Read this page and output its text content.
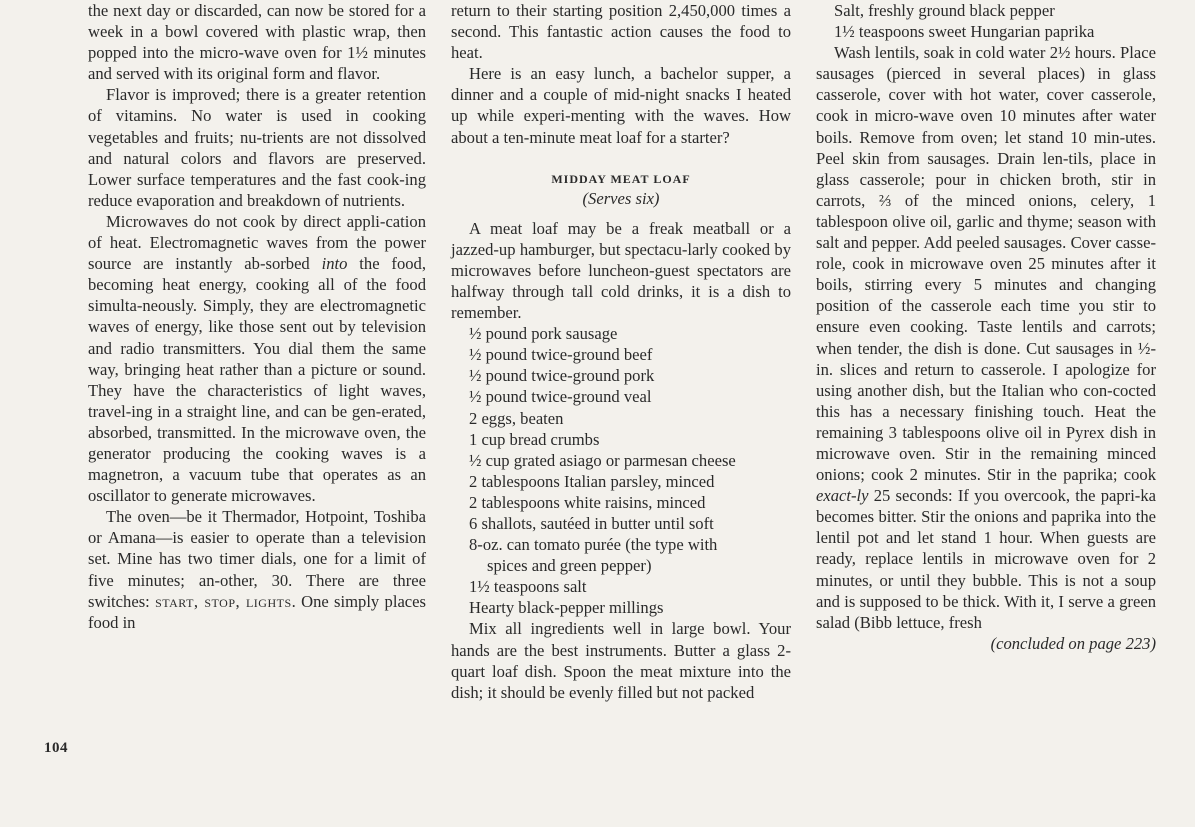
the next day or discarded, can now be stored for a week in a bowl covered with plastic wrap, then popped into the micro-wave oven for 1½ minutes and served with its original form and flavor.

Flavor is improved; there is a greater retention of vitamins. No water is used in cooking vegetables and fruits; nu-trients are not dissolved and natural colors and flavors are preserved. Lower surface temperatures and the fast cook-ing reduce evaporation and breakdown of nutrients.

Microwaves do not cook by direct appli-cation of heat. Electromagnetic waves from the power source are instantly ab-sorbed into the food, becoming heat energy, cooking all of the food simulta-neously. Simply, they are electromagnetic waves of energy, like those sent out by television and radio transmitters. You dial them the same way, bringing heat rather than a picture or sound. They have the characteristics of light waves, travel-ing in a straight line, and can be gen-erated, absorbed, transmitted. In the microwave oven, the generator producing the cooking waves is a magnetron, a vacuum tube that operates as an oscillator to generate microwaves.

The oven—be it Thermador, Hotpoint, Toshiba or Amana—is easier to operate than a television set. Mine has two timer dials, one for a limit of five minutes; an-other, 30. There are three switches: start, stop, lights. One simply places food in

104

return to their starting position 2,450,000 times a second. This fantastic action causes the food to heat.

Here is an easy lunch, a bachelor supper, a dinner and a couple of mid-night snacks I heated up while experi-menting with the waves. How about a ten-minute meat loaf for a starter?

MIDDAY MEAT LOAF
(Serves six)

A meat loaf may be a freak meatball or a jazzed-up hamburger, but spectacu-larly cooked by microwaves before luncheon-guest spectators are halfway through tall cold drinks, it is a dish to remember.

½ pound pork sausage
½ pound twice-ground beef
½ pound twice-ground pork
½ pound twice-ground veal
2 eggs, beaten
1 cup bread crumbs
½ cup grated asiago or parmesan cheese
2 tablespoons Italian parsley, minced
2 tablespoons white raisins, minced
6 shallots, sautéed in butter until soft
8-oz. can tomato purée (the type with
spices and green pepper)
1½ teaspoons salt
Hearty black-pepper millings

Mix all ingredients well in large bowl. Your hands are the best instruments. Butter a glass 2-quart loaf dish. Spoon the meat mixture into the dish; it should be evenly filled but not packed

Salt, freshly ground black pepper
1½ teaspoons sweet Hungarian paprika

Wash lentils, soak in cold water 2½ hours. Place sausages (pierced in several places) in glass casserole, cover with hot water, cover casserole, cook in micro-wave oven 10 minutes after water boils. Remove from oven; let stand 10 min-utes. Peel skin from sausages. Drain len-tils, place in glass casserole; pour in chicken broth, stir in carrots, ⅔ of the minced onions, celery, 1 tablespoon olive oil, garlic and thyme; season with salt and pepper. Add peeled sausages. Cover casse-role, cook in microwave oven 25 minutes after it boils, stirring every 5 minutes and changing position of the casserole each time you stir to ensure even cooking. Taste lentils and carrots; when tender, the dish is done. Cut sausages in ½-in. slices and return to casserole. I apologize for using another dish, but the Italian who con-cocted this has a necessary finishing touch. Heat the remaining 3 tablespoons olive oil in Pyrex dish in microwave oven. Stir in the remaining minced onions; cook 2 minutes. Stir in the paprika; cook exact-ly 25 seconds: If you overcook, the papri-ka becomes bitter. Stir the onions and paprika into the lentil pot and let stand 1 hour. When guests are ready, replace lentils in microwave oven for 2 minutes, or until they bubble. This is not a soup and is supposed to be thick. With it, I serve a green salad (Bibb lettuce, fresh

(concluded on page 223)
